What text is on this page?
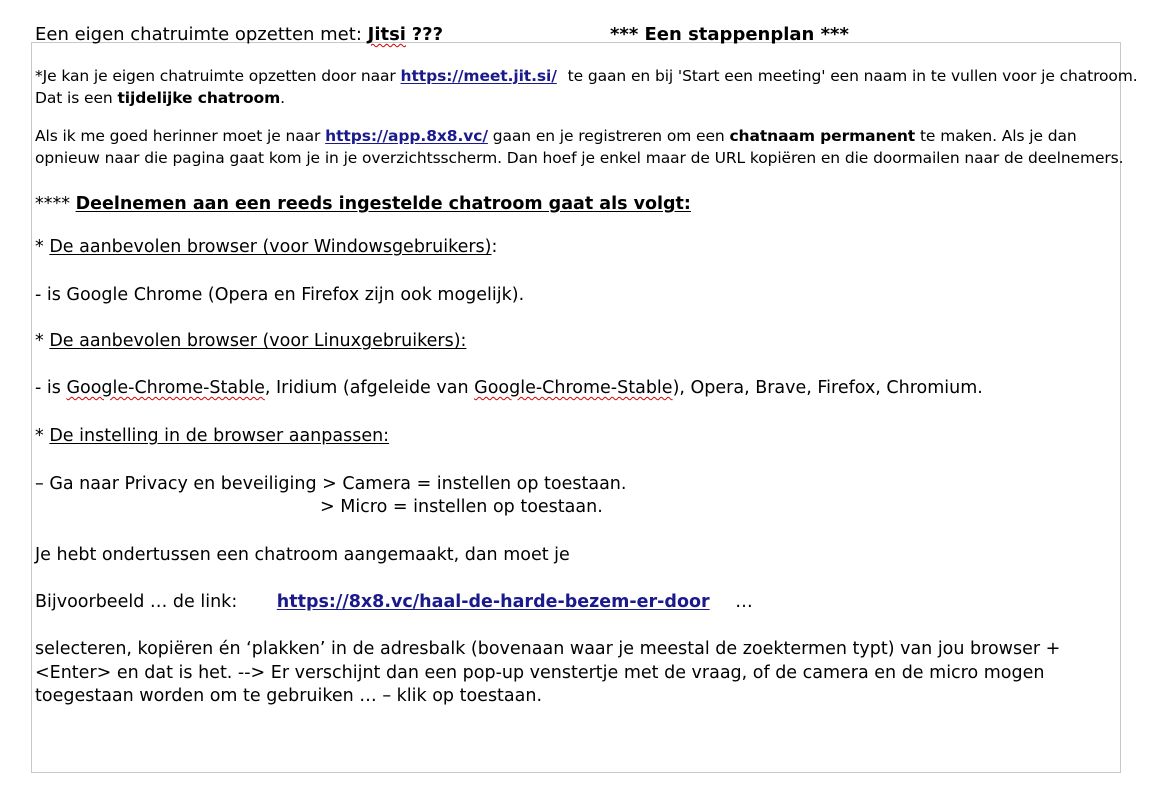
Een eigen chatruimte opzetten met: Jitsi ???	*** Een stappenplan ***
*Je kan je eigen chatruimte opzetten door naar https://meet.jit.si/ te gaan en bij 'Start een meeting' een naam in te vullen voor je chatroom.
Dat is een tijdelijke chatroom.
Als ik me goed herinner moet je naar https://app.8x8.vc/ gaan en je registreren om een chatnaam permanent te maken. Als je dan
opnieuw naar die pagina gaat kom je in je overzichtsscherm. Dan hoef je enkel maar de URL kopiëren en die doormailen naar de deelnemers.
**** Deelnemen aan een reeds ingestelde chatroom gaat als volgt:
* De aanbevolen browser (voor Windowsgebruikers):
- is Google Chrome (Opera en Firefox zijn ook mogelijk).
* De aanbevolen browser (voor Linuxgebruikers):
- is Google-Chrome-Stable, Iridium (afgeleide van Google-Chrome-Stable), Opera, Brave, Firefox, Chromium.
* De instelling in de browser aanpassen:
– Ga naar Privacy en beveiliging > Camera = instellen op toestaan.
> Micro = instellen op toestaan.
Je hebt ondertussen een chatroom aangemaakt, dan moet je
Bijvoorbeeld … de link: https://8x8.vc/haal-de-harde-bezem-er-door …
selecteren, kopiëren én ‘plakken’ in de adresbalk (bovenaan waar je meestal de zoektermen typt) van jou browser +
<Enter> en dat is het. --> Er verschijnt dan een pop-up venstertje met de vraag, of de camera en de micro mogen
toegestaan worden om te gebruiken … – klik op toestaan.
